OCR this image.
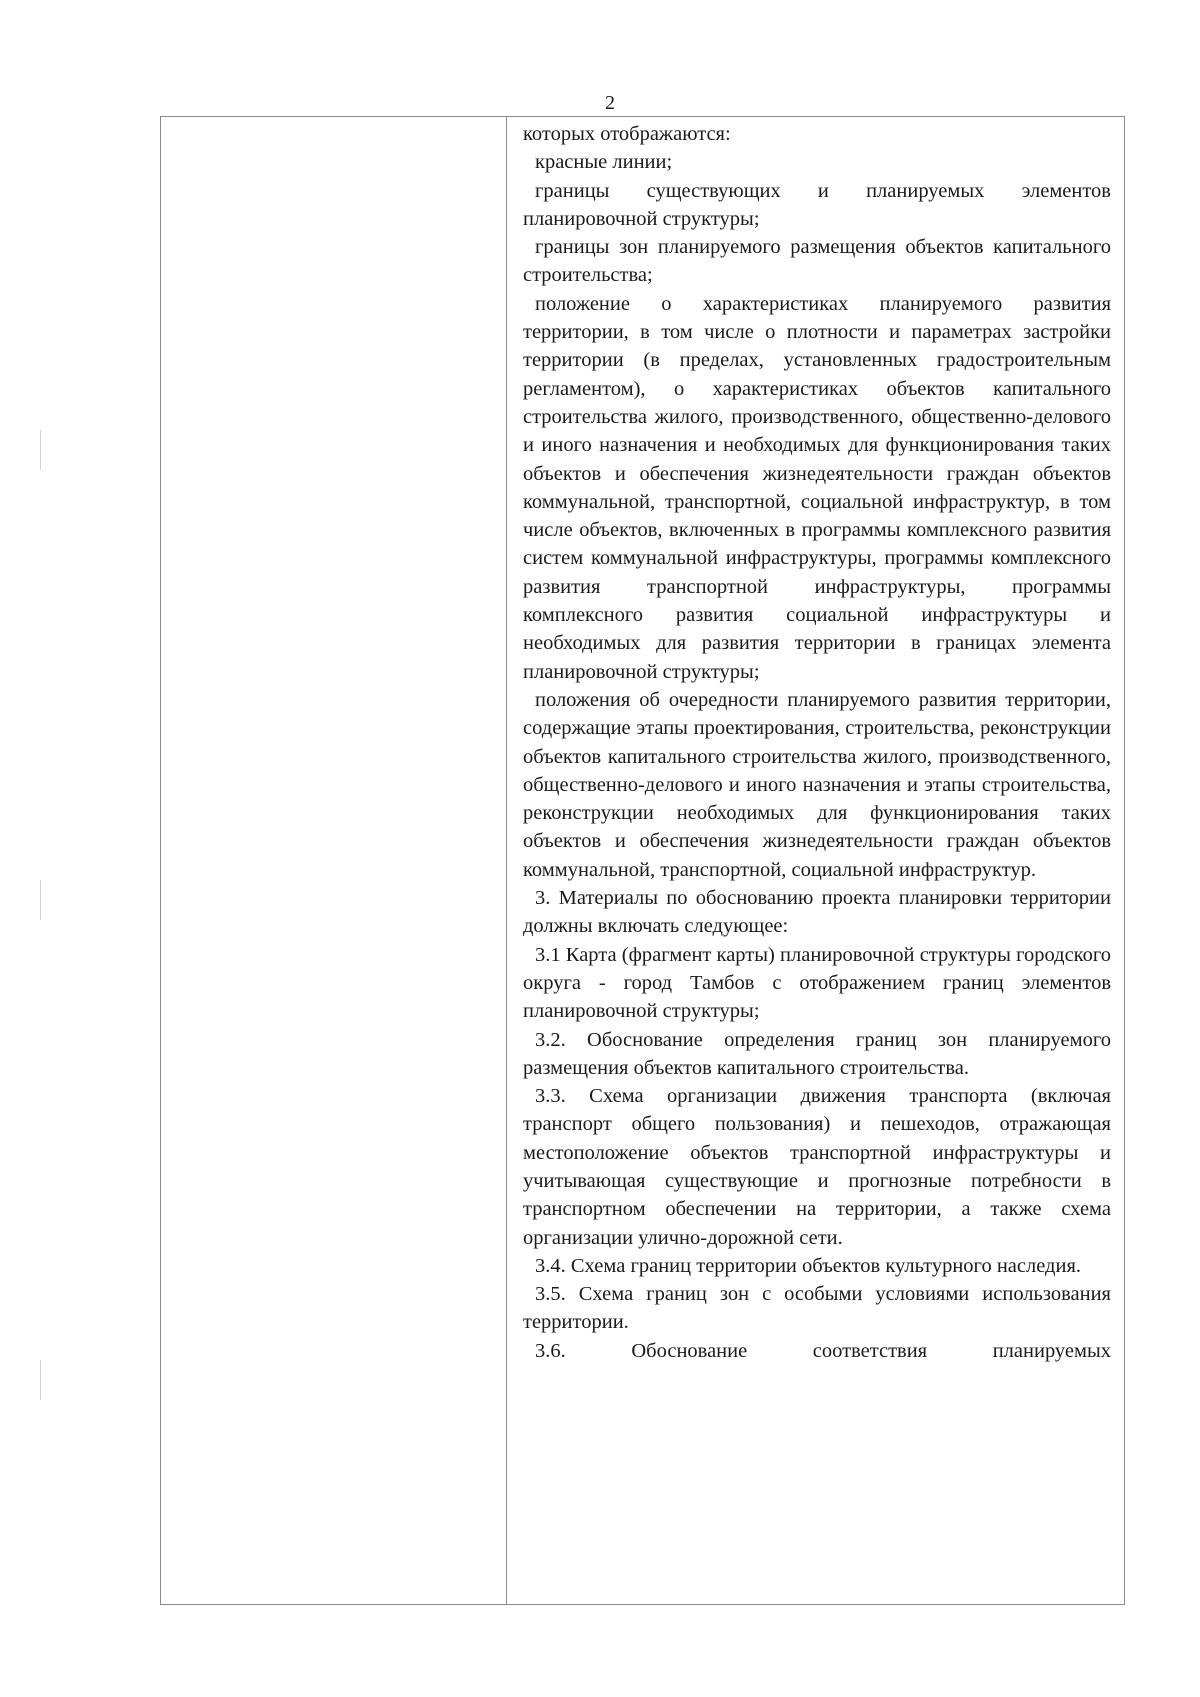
2

которых отображаются:

красные линии;

границы существующих и планируемых элементов планировочной структуры;

границы зон планируемого размещения объектов капитального строительства;

положение о характеристиках планируемого развития территории, в том числе о плотности и параметрах застройки территории (в пределах, установленных градостроительным регламентом), о характеристиках объектов капитального строительства жилого, производственного, общественно-делового и иного назначения и необходимых для функционирования таких объектов и обеспечения жизнедеятельности граждан объектов коммунальной, транспортной, социальной инфраструктур, в том числе объектов, включенных в программы комплексного развития систем коммунальной инфраструктуры, программы комплексного развития транспортной инфраструктуры, программы комплексного развития социальной инфраструктуры и необходимых для развития территории в границах элемента планировочной структуры;

положения об очередности планируемого развития территории, содержащие этапы проектирования, строительства, реконструкции объектов капитального строительства жилого, производственного, общественно-делового и иного назначения и этапы строительства, реконструкции необходимых для функционирования таких объектов и обеспечения жизнедеятельности граждан объектов коммунальной, транспортной, социальной инфраструктур.

3. Материалы по обоснованию проекта планировки территории должны включать следующее:

3.1 Карта (фрагмент карты) планировочной структуры городского округа - город Тамбов с отображением границ элементов планировочной структуры;

3.2. Обоснование определения границ зон планируемого размещения объектов капитального строительства.

3.3. Схема организации движения транспорта (включая транспорт общего пользования) и пешеходов, отражающая местоположение объектов транспортной инфраструктуры и учитывающая существующие и прогнозные потребности в транспортном обеспечении на территории, а также схема организации улично-дорожной сети.

3.4. Схема границ территории объектов культурного наследия.

3.5. Схема границ зон с особыми условиями использования территории.

3.6. Обоснование соответствия планируемых
